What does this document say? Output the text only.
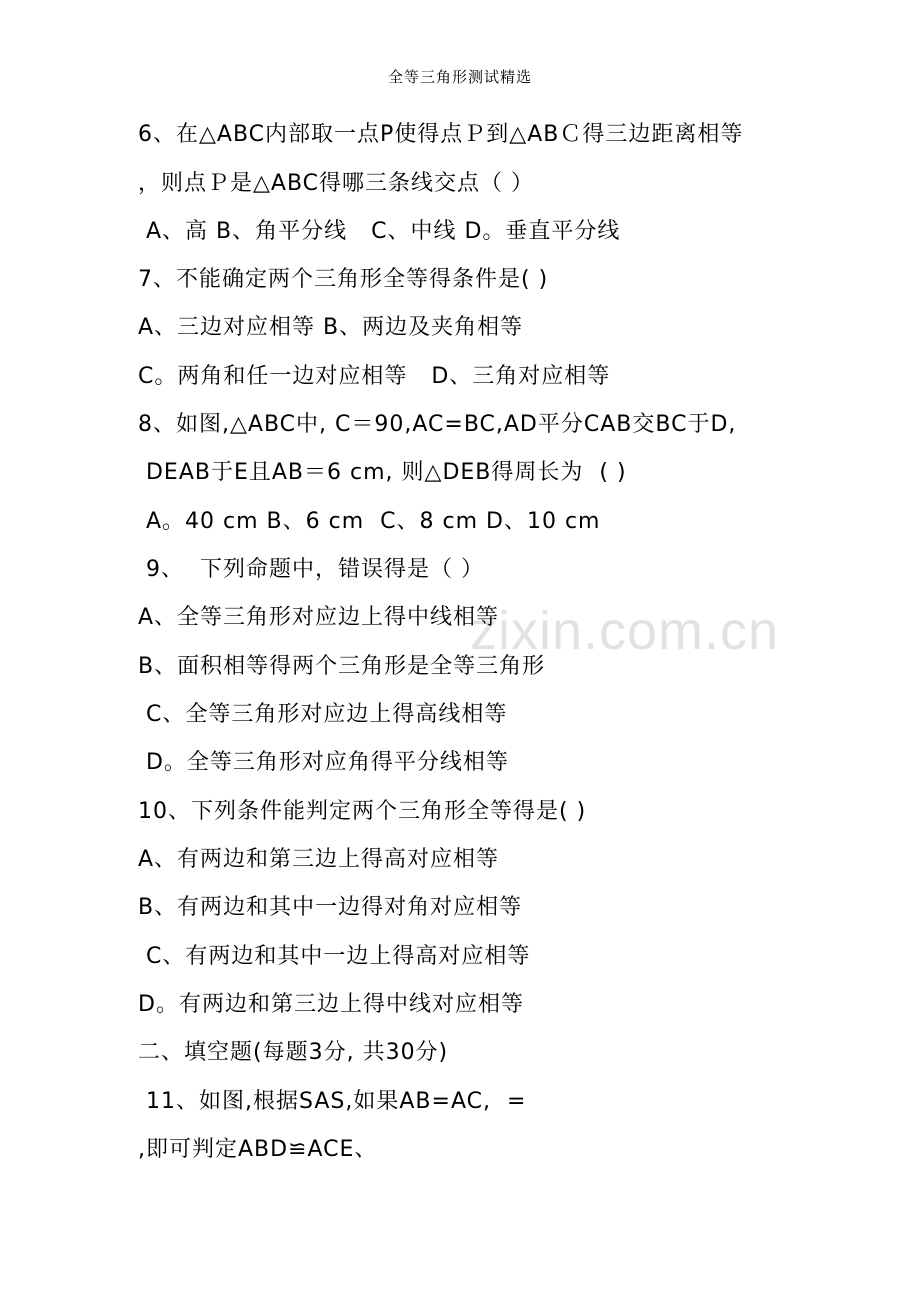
全等三角形测试精选
zixin.com.cn
6、在△ABC内部取一点P使得点Ｐ到△ABＣ得三边距离相等
，则点Ｐ是△ABC得哪三条线交点（ ）
A、高 B、角平分线   C、中线 D。垂直平分线
7、不能确定两个三角形全等得条件是( )
A、三边对应相等 B、两边及夹角相等
C。两角和任一边对应相等   D、三角对应相等
8、如图,△ABC中, C＝90,AC=BC,AD平分CAB交BC于D,
DEAB于E且AB＝6 cm, 则△DEB得周长为  ( )
A。40 cm B、6 cm  C、8 cm D、10 cm
9、  下列命题中，错误得是（ ）
A、全等三角形对应边上得中线相等
B、面积相等得两个三角形是全等三角形
C、全等三角形对应边上得高线相等
D。全等三角形对应角得平分线相等
10、下列条件能判定两个三角形全等得是( )
A、有两边和第三边上得高对应相等
B、有两边和其中一边得对角对应相等
C、有两边和其中一边上得高对应相等
D。有两边和第三边上得中线对应相等
二、填空题(每题3分, 共30分)
11、如图,根据SAS,如果AB=AC,  =
,即可判定ABD≌ACE、
